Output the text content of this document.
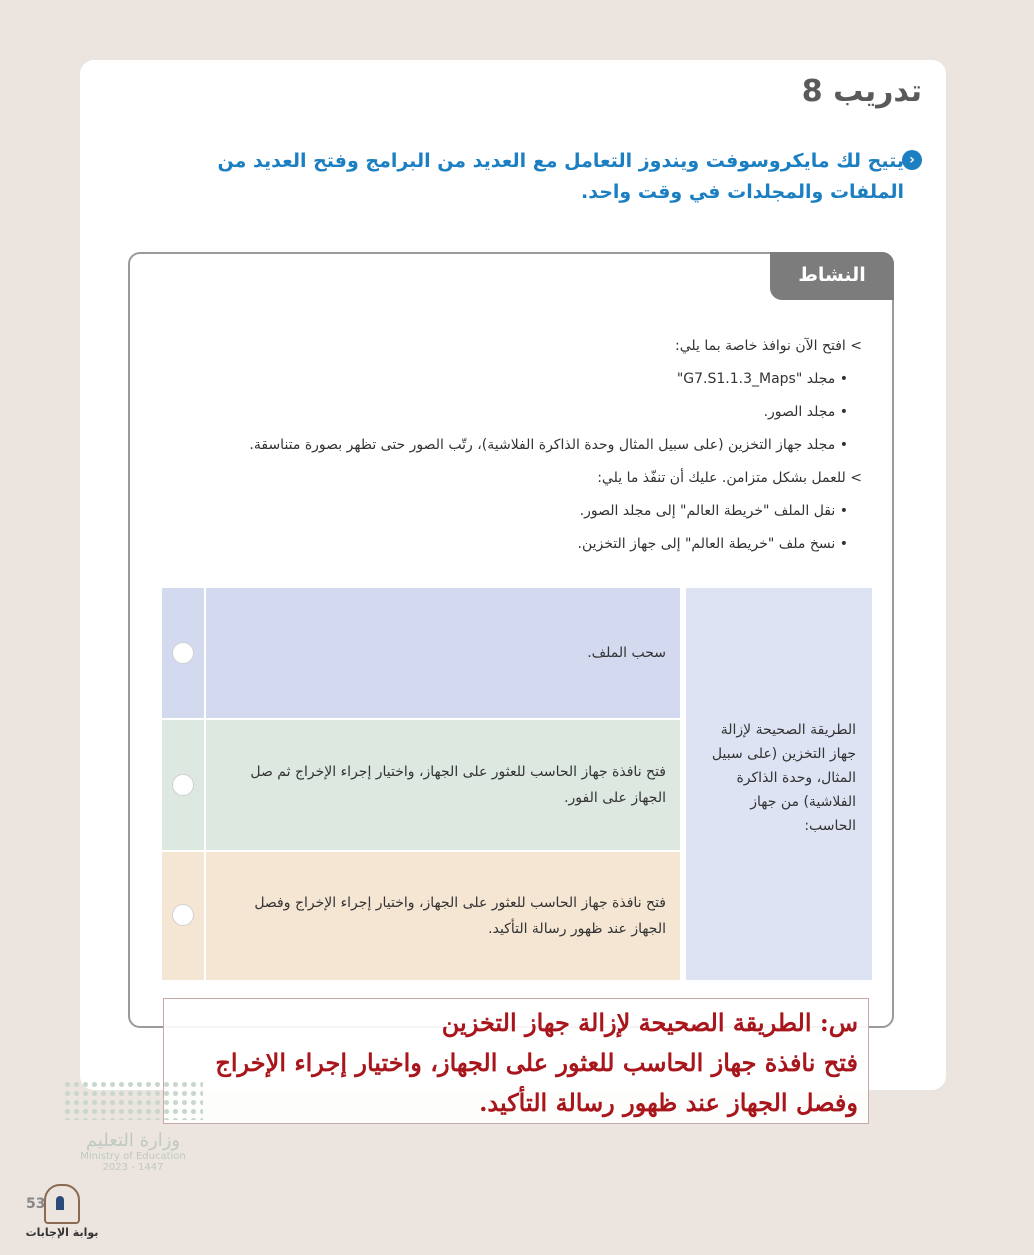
تدريب 8
‹
يتيح لك مايكروسوفت ويندوز التعامل مع العديد من البرامج وفتح العديد من الملفات والمجلدات في وقت واحد.
النشاط

> افتح الآن نوافذ خاصة بما يلي:

• مجلد "G7.S1.1.3_Maps"

• مجلد الصور.

• مجلد جهاز التخزين (على سبيل المثال وحدة الذاكرة الفلاشية)، رتّب الصور حتى تظهر بصورة متناسقة.

> للعمل بشكل متزامن. عليك أن تنفّذ ما يلي:

• نقل الملف "خريطة العالم" إلى مجلد الصور.

• نسخ ملف "خريطة العالم" إلى جهاز التخزين.

الطريقة الصحيحة لإزالة جهاز التخزين (على سبيل المثال، وحدة الذاكرة الفلاشية) من جهاز الحاسب:
سحب الملف.
فتح نافذة جهاز الحاسب للعثور على الجهاز، واختيار إجراء الإخراج ثم صل الجهاز على الفور.
فتح نافذة جهاز الحاسب للعثور على الجهاز، واختيار إجراء الإخراج وفصل الجهاز عند ظهور رسالة التأكيد.

س: الطريقة الصحيحة لإزالة جهاز التخزين

فتح نافذة جهاز الحاسب للعثور على الجهاز، واختيار إجراء الإخراج

وفصل الجهاز عند ظهور رسالة التأكيد.

وزارة التعليم
Ministry of Education
2023 - 1447
53
بوابة الإجابات
